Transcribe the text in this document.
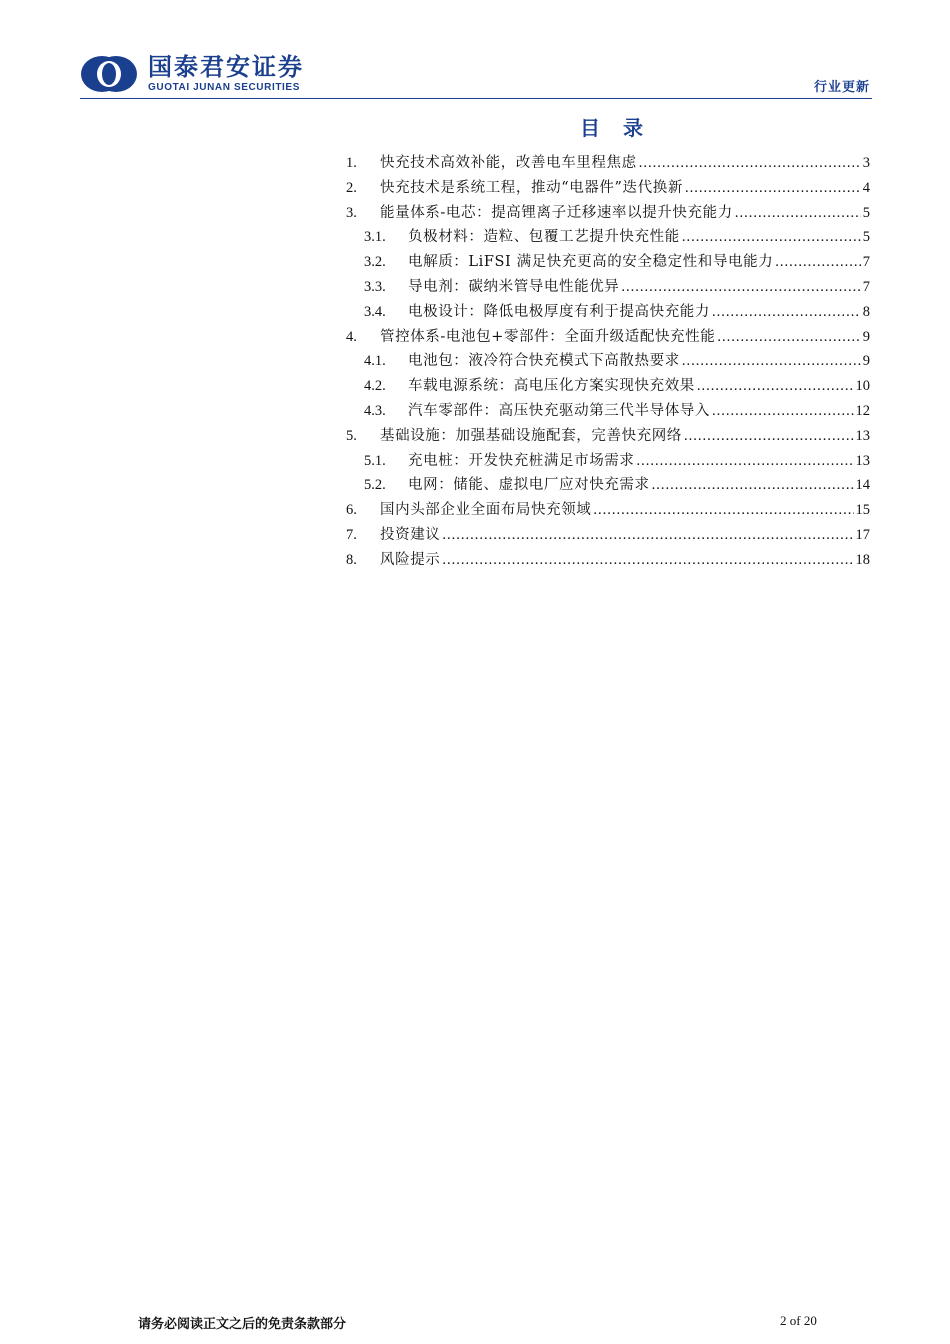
国泰君安证券
GUOTAI JUNAN SECURITIES	行业更新
目 录
1.	快充技术高效补能，改善电车里程焦虑 .....	3
2.	快充技术是系统工程，推动“电器件”迭代换新 .....	4
3.	能量体系-电芯：提高锂离子迁移速率以提升快充能力 .....	5
3.1.	负极材料：造粒、包覆工艺提升快充性能 .....	5
3.2.	电解质：LiFSI 满足快充更高的安全稳定性和导电能力 .....	7
3.3.	导电剂：碳纳米管导电性能优异 .....	7
3.4.	电极设计：降低电极厚度有利于提高快充能力 .....	8
4.	管控体系-电池包+零部件：全面升级适配快充性能 .....	9
4.1.	电池包：液冷符合快充模式下高散热要求 .....	9
4.2.	车载电源系统：高电压化方案实现快充效果 .....	10
4.3.	汽车零部件：高压快充驱动第三代半导体导入 .....	12
5.	基础设施：加强基础设施配套，完善快充网络 .....	13
5.1.	充电桩：开发快充桩满足市场需求 .....	13
5.2.	电网：储能、虚拟电厂应对快充需求 .....	14
6.	国内头部企业全面布局快充领域 .....	15
7.	投资建议 .....	17
8.	风险提示 .....	18
请务必阅读正文之后的免责条款部分	2 of 20
